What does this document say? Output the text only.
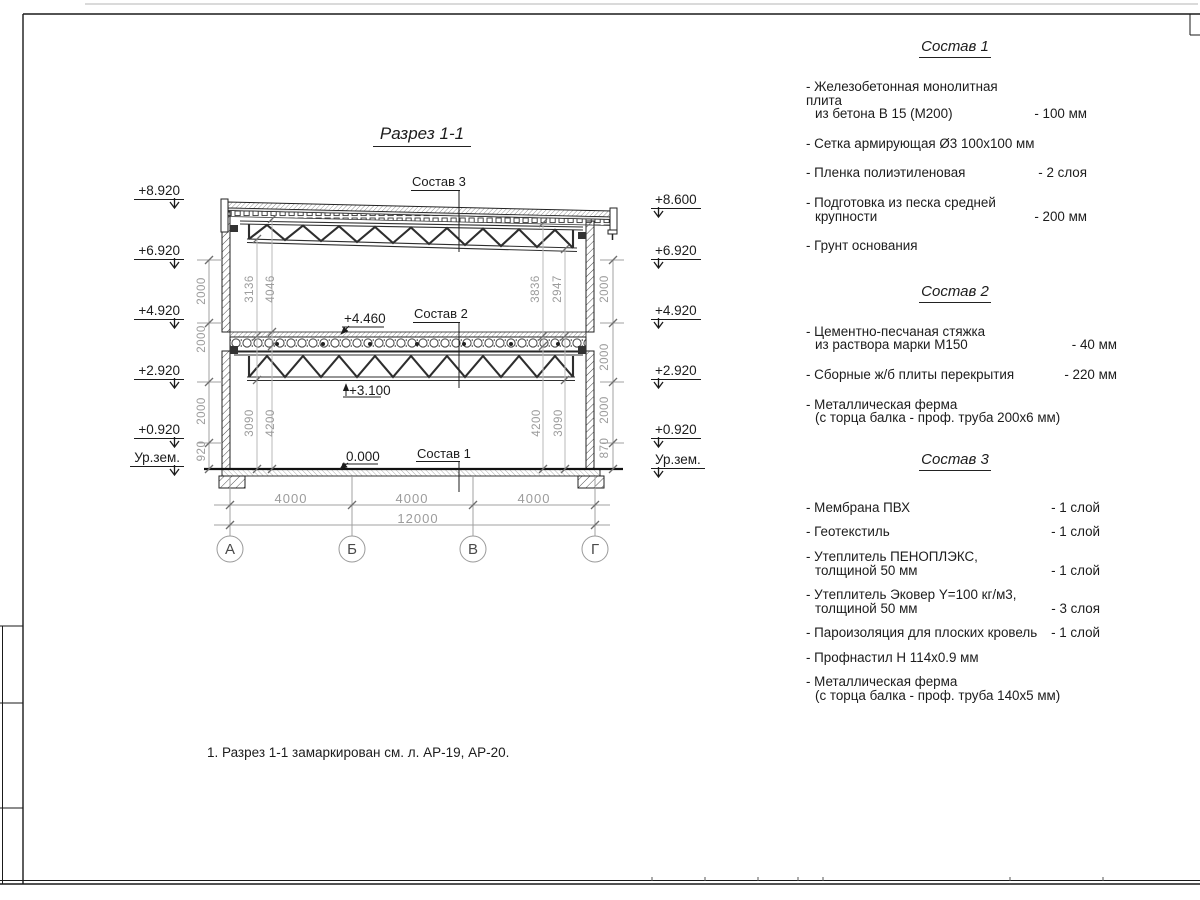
Разрез 1-1
Состав 3
Состав 2
Состав 1
+4.460
+3.100
0.000
+8.920
+6.920
+4.920
+2.920
+0.920
Ур.зем.
+8.600
+6.920
+4.920
+2.920
+0.920
Ур.зем.
2000
2000
2000
920
2000
2000
2000
870
3136 4046	3836 2947
3090 4200	4200 3090
4000	4000	4000
12000
А	Б	В	Г
1. Разрез 1-1 замаркирован см. л. АР-19, АР-20.
Состав 1
- Железобетонная монолитная плита
из бетона В 15 (М200)	- 100 мм
- Сетка армирующая Ø3 100x100 мм
- Пленка полиэтиленовая	- 2 слоя
- Подготовка из песка средней
крупности	- 200 мм
- Грунт основания
Состав 2
- Цементно-песчаная стяжка
из раствора марки М150	- 40 мм
- Сборные ж/б плиты перекрытия	- 220 мм
- Металлическая ферма
(с торца балка - проф. труба 200x6 мм)
Состав 3
- Мембрана ПВХ	- 1 слой
- Геотекстиль	- 1 слой
- Утеплитель ПЕНОПЛЭКС,
толщиной 50 мм	- 1 слой
- Утеплитель Эковер Y=100 кг/м3,
толщиной 50 мм	- 3 слоя
- Пароизоляция для плоских кровель - 1 слой
- Профнастил Н 114x0.9 мм
- Металлическая ферма
(с торца балка - проф. труба 140x5 мм)
